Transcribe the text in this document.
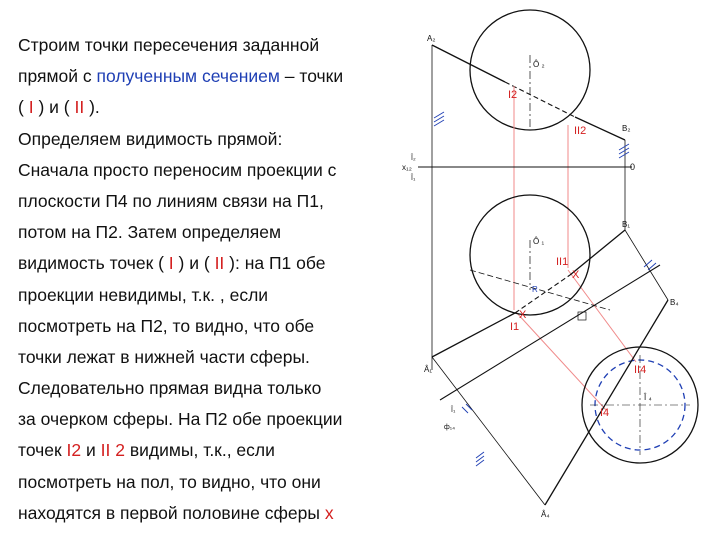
Строим точки пересечения заданной
прямой с полученным сечением – точки
( I ) и ( II ).
Определяем видимость прямой:
Сначала просто переносим проекции с
плоскости П4 по линиям связи на П1,
потом на П2. Затем определяем
видимость точек ( I ) и ( II ): на П1 обе
проекции невидимы, т.к. , если
посмотреть на П2, то видно, что обе
точки лежат в нижней части сферы.
Следовательно прямая видна только
за очерком сферы. На П2 обе проекции
точек I2 и II 2 видимы, т.к., если
посмотреть на пол, то видно, что они
находятся в первой половине сферы x
x₁₂
Î₂
Î₁
0
A₂
Ô ₂
I2
II2	B₂
B₁
Ô ₁
II1
X
R
X
I1
B₄
Â₁	II4
Î ₄
I4
Î₁
ф₁₄
Â₄
